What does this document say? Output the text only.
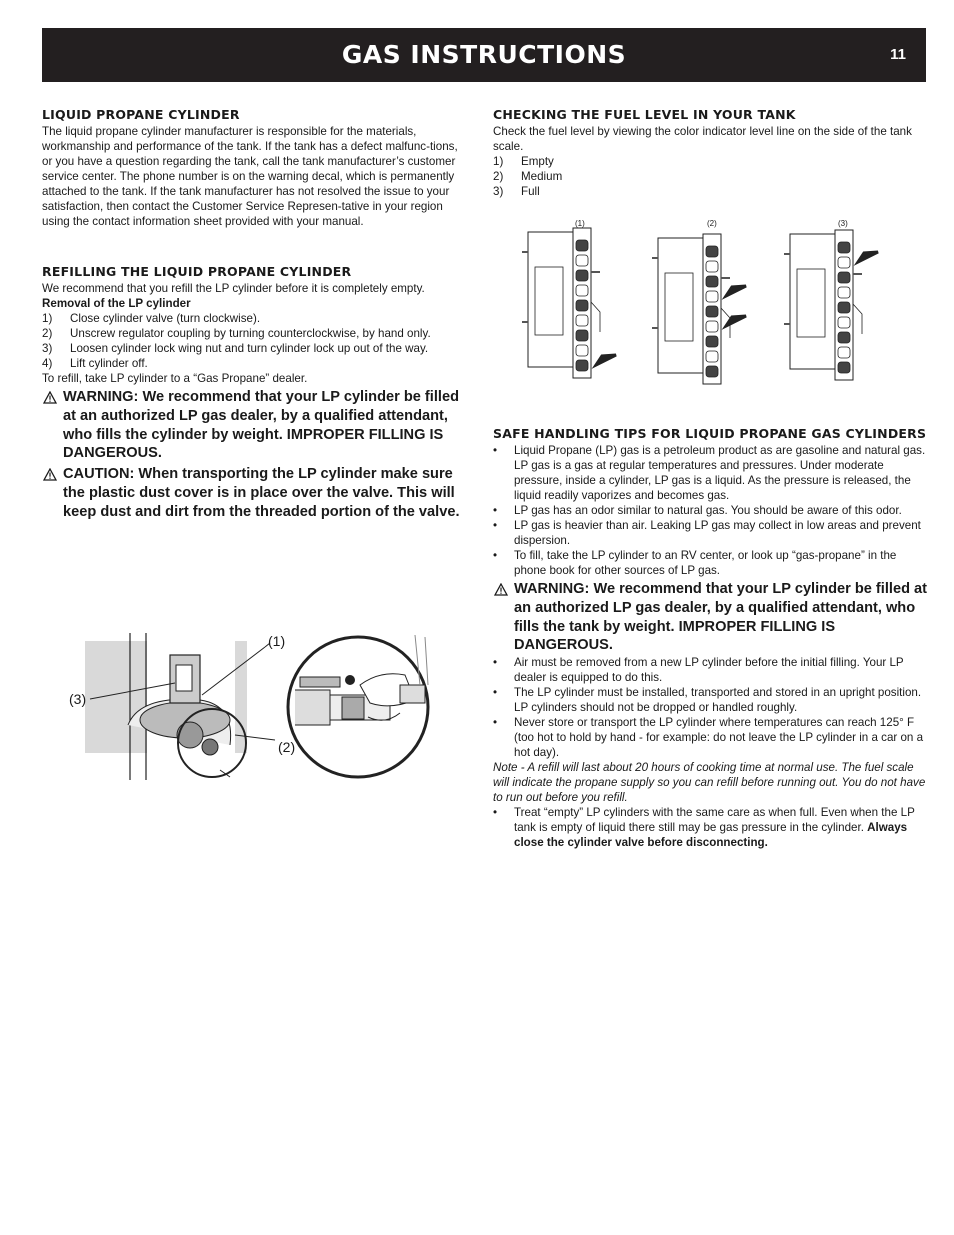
GAS INSTRUCTIONS	11
LIQUID PROPANE CYLINDER

The liquid propane cylinder manufacturer is responsible for the materials, workmanship and performance of the tank. If the tank has a defect malfunc-tions, or you have a question regarding the tank, call the tank manufacturer’s customer service center. The phone number is on the warning decal, which is permanently attached to the tank. If the tank manufacturer has not resolved the issue to your satisfaction, then contact the Customer Service Represen-tative in your region using the contact information sheet provided with your manual.

REFILLING THE LIQUID PROPANE CYLINDER

We recommend that you refill the LP cylinder before it is completely empty.

Removal of the LP cylinder

1)	Close cylinder valve (turn clockwise).
2)	Unscrew regulator coupling by turning counterclockwise, by hand only.
3)	Loosen cylinder lock wing nut and turn cylinder lock up out of the way.
4)	Lift cylinder off.

To refill, take LP cylinder to a “Gas Propane” dealer.

WARNING: We recommend that your LP cylinder be filled at an authorized LP gas dealer, by a qualified attendant, who fills the cylinder by weight. IMPROPER FILLING IS DANGEROUS.
CAUTION: When transporting the LP cylinder make sure the plastic dust cover is in place over the valve. This will keep dust and dirt from the threaded portion of the valve.
(1)
(2)
(3)
CHECKING THE FUEL LEVEL IN YOUR TANK

Check the fuel level by viewing the color indicator level line on the side of the tank scale.

1)	Empty
2)	Medium
3)	Full
SAFE HANDLING TIPS FOR LIQUID PROPANE GAS CYLINDERS
•	Liquid Propane (LP) gas is a petroleum product as are gasoline and natural gas. LP gas is a gas at regular temperatures and pressures. Under moderate pressure, inside a cylinder, LP gas is a liquid. As the pressure is released, the liquid readily vaporizes and becomes gas.
•	LP gas has an odor similar to natural gas. You should be aware of this odor.
•	LP gas is heavier than air. Leaking LP gas may collect in low areas and prevent dispersion.
•	To fill, take the LP cylinder to an RV center, or look up “gas-propane” in the phone book for other sources of LP gas.
WARNING: We recommend that your LP cylinder be filled at an authorized LP gas dealer, by a qualified attendant, who fills the tank by weight. IMPROPER FILLING IS DANGEROUS.
•	Air must be removed from a new LP cylinder before the initial filling. Your LP dealer is equipped to do this.
•	The LP cylinder must be installed, transported and stored in an upright position. LP cylinders should not be dropped or handled roughly.
•	Never store or transport the LP cylinder where temperatures can reach 125° F (too hot to hold by hand - for example: do not leave the LP cylinder in a car on a hot day).

Note - A refill will last about 20 hours of cooking time at normal use. The fuel scale will indicate the propane supply so you can refill before running out. You do not have to run out before you refill.

•	Treat “empty” LP cylinders with the same care as when full. Even when the LP tank is empty of liquid there still may be gas pressure in the cylinder. Always close the cylinder valve before disconnecting.
(1)	(2)	(3)
